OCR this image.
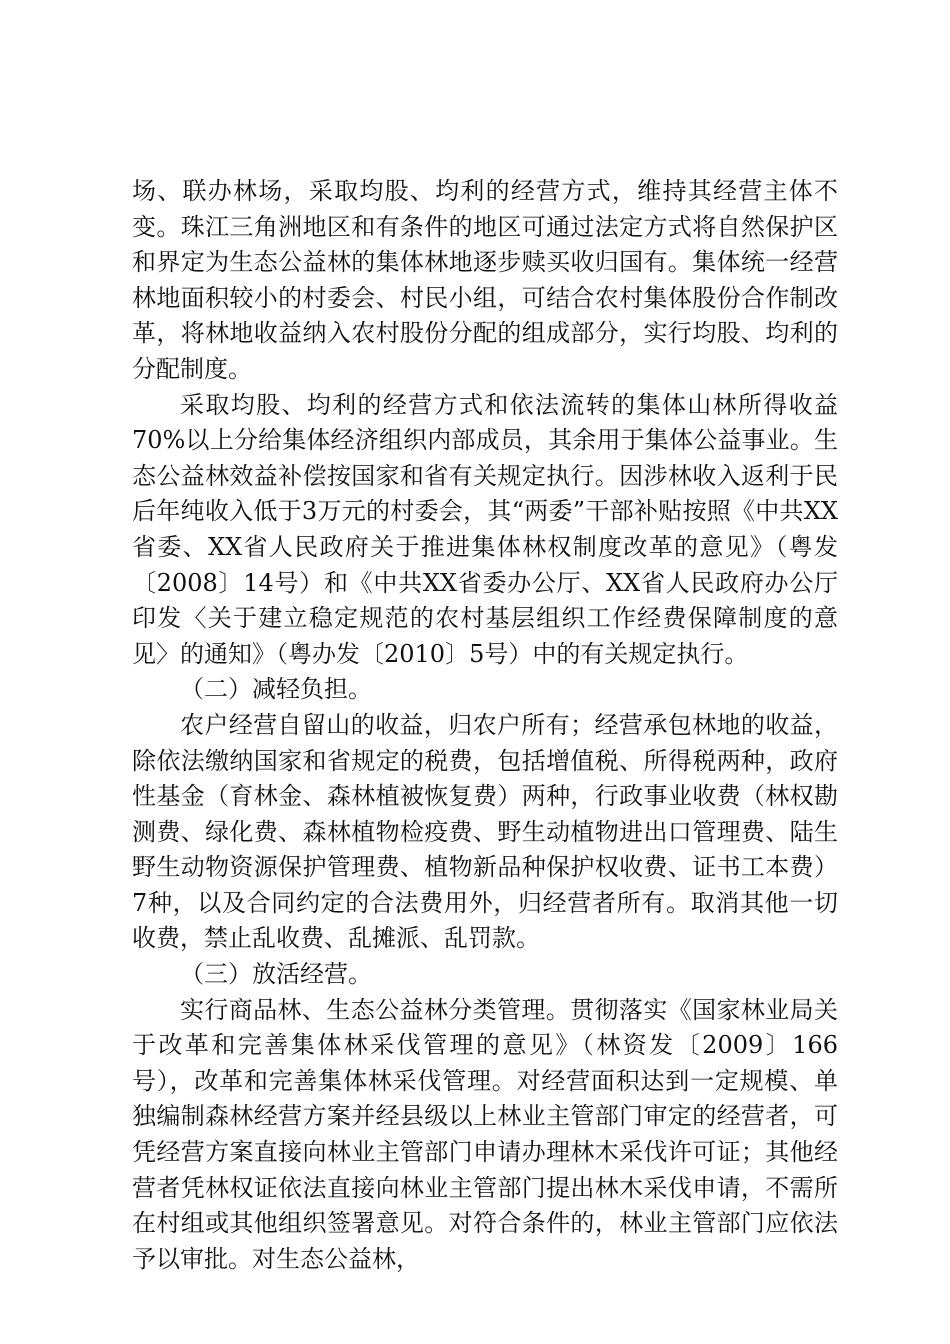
场、联办林场，采取均股、均利的经营方式，维持其经营主体不变。珠江三角洲地区和有条件的地区可通过法定方式将自然保护区和界定为生态公益林的集体林地逐步赎买收归国有。集体统一经营林地面积较小的村委会、村民小组，可结合农村集体股份合作制改革，将林地收益纳入农村股份分配的组成部分，实行均股、均利的分配制度。

采取均股、均利的经营方式和依法流转的集体山林所得收益70%以上分给集体经济组织内部成员，其余用于集体公益事业。生态公益林效益补偿按国家和省有关规定执行。因涉林收入返利于民后年纯收入低于3万元的村委会，其“两委”干部补贴按照《中共XX省委、XX省人民政府关于推进集体林权制度改革的意见》（粤发〔2008〕14号）和《中共XX省委办公厅、XX省人民政府办公厅印发〈关于建立稳定规范的农村基层组织工作经费保障制度的意见〉的通知》（粤办发〔2010〕5号）中的有关规定执行。

（二）减轻负担。

农户经营自留山的收益，归农户所有；经营承包林地的收益，除依法缴纳国家和省规定的税费，包括增值税、所得税两种，政府性基金（育林金、森林植被恢复费）两种，行政事业收费（林权勘测费、绿化费、森林植物检疫费、野生动植物进出口管理费、陆生野生动物资源保护管理费、植物新品种保护权收费、证书工本费）7种，以及合同约定的合法费用外，归经营者所有。取消其他一切收费，禁止乱收费、乱摊派、乱罚款。

（三）放活经营。

实行商品林、生态公益林分类管理。贯彻落实《国家林业局关于改革和完善集体林采伐管理的意见》（林资发〔2009〕166号），改革和完善集体林采伐管理。对经营面积达到一定规模、单独编制森林经营方案并经县级以上林业主管部门审定的经营者，可凭经营方案直接向林业主管部门申请办理林木采伐许可证；其他经营者凭林权证依法直接向林业主管部门提出林木采伐申请，不需所在村组或其他组织签署意见。对符合条件的，林业主管部门应依法予以审批。对生态公益林，
